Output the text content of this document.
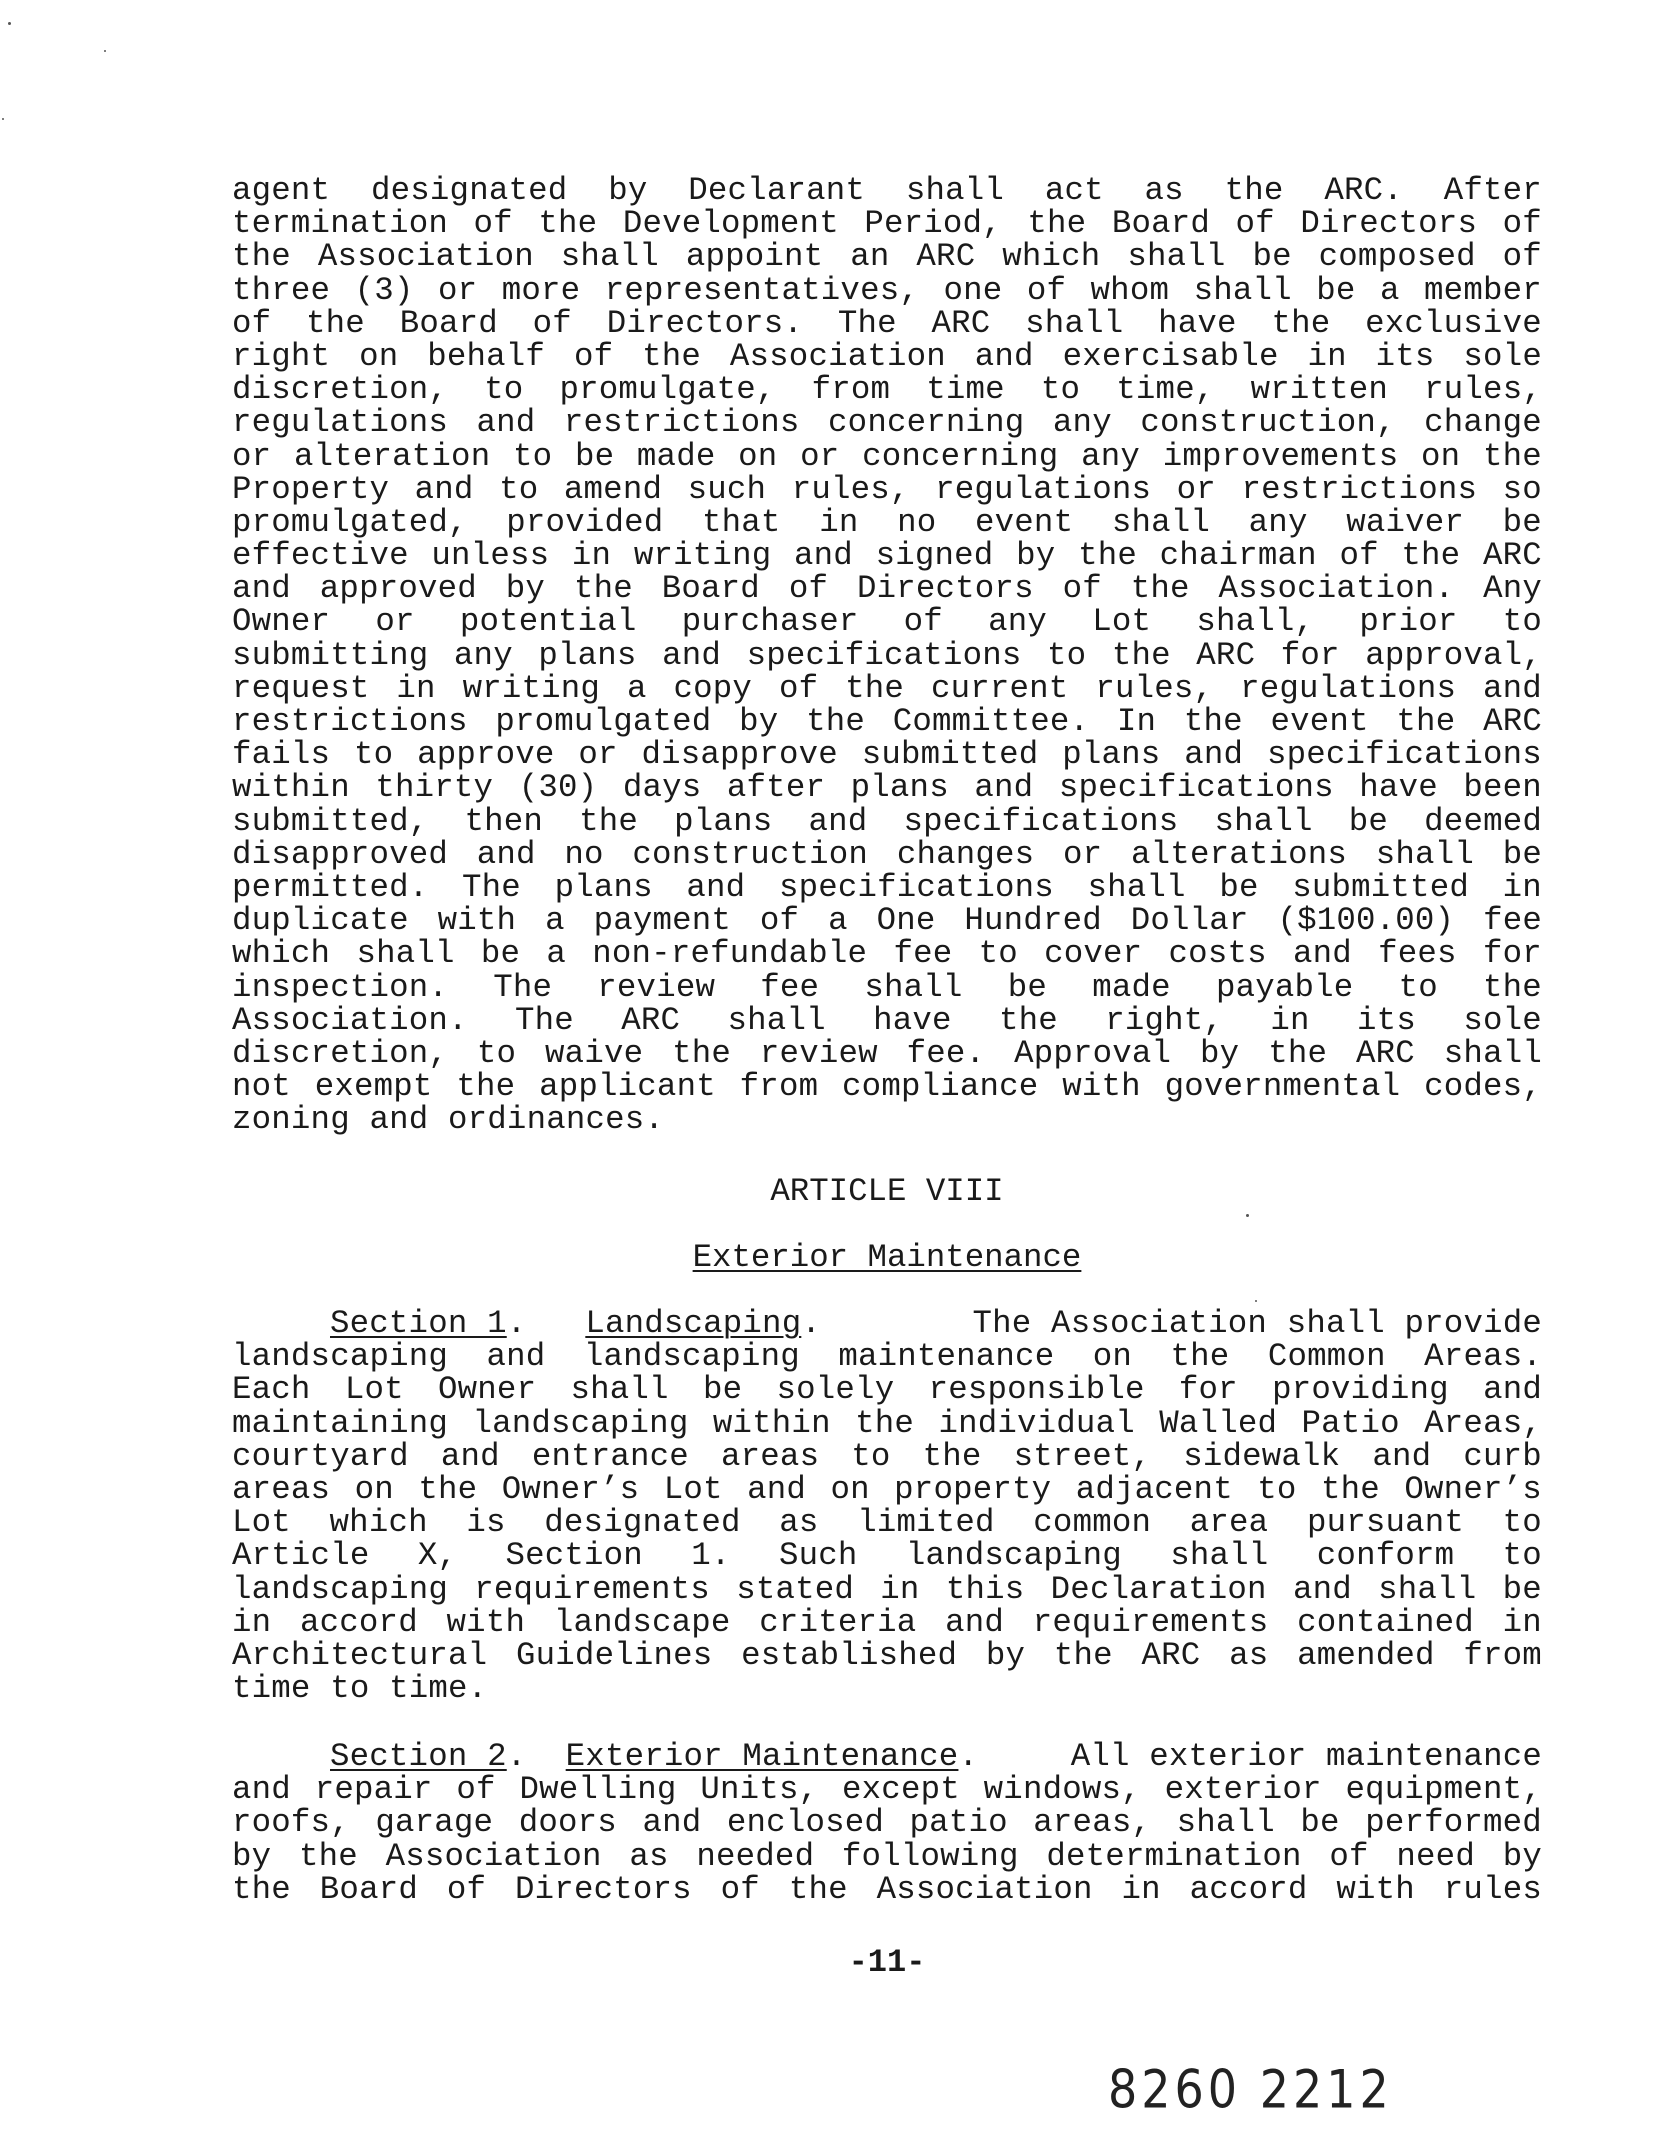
agent designated by Declarant shall act as the ARC. After
termination of the Development Period, the Board of Directors of
the Association shall appoint an ARC which shall be composed of
three (3) or more representatives, one of whom shall be a member
of the Board of Directors. The ARC shall have the exclusive
right on behalf of the Association and exercisable in its sole
discretion, to promulgate, from time to time, written rules,
regulations and restrictions concerning any construction, change
or alteration to be made on or concerning any improvements on the
Property and to amend such rules, regulations or restrictions so
promulgated, provided that in no event shall any waiver be
effective unless in writing and signed by the chairman of the ARC
and approved by the Board of Directors of the Association. Any
Owner or potential purchaser of any Lot shall, prior to
submitting any plans and specifications to the ARC for approval,
request in writing a copy of the current rules, regulations and
restrictions promulgated by the Committee. In the event the ARC
fails to approve or disapprove submitted plans and specifications
within thirty (30) days after plans and specifications have been
submitted, then the plans and specifications shall be deemed
disapproved and no construction changes or alterations shall be
permitted. The plans and specifications shall be submitted in
duplicate with a payment of a One Hundred Dollar ($100.00) fee
which shall be a non-refundable fee to cover costs and fees for
inspection. The review fee shall be made payable to the
Association. The ARC shall have the right, in its sole
discretion, to waive the review fee. Approval by the ARC shall
not exempt the applicant from compliance with governmental codes,
zoning and ordinances.
ARTICLE VIII
Exterior Maintenance
Section 1.   Landscaping.	The Association shall provide
landscaping and landscaping maintenance on the Common Areas.
Each Lot Owner shall be solely responsible for providing and
maintaining landscaping within the individual Walled Patio Areas,
courtyard and entrance areas to the street, sidewalk and curb
areas on the Owner’s Lot and on property adjacent to the Owner’s
Lot which is designated as limited common area pursuant to
Article X, Section 1. Such landscaping shall conform to
landscaping requirements stated in this Declaration and shall be
in accord with landscape criteria and requirements contained in
Architectural Guidelines established by the ARC as amended from
time to time.
Section 2.  Exterior Maintenance.	All exterior maintenance
and repair of Dwelling Units, except windows, exterior equipment,
roofs, garage doors and enclosed patio areas, shall be performed
by the Association as needed following determination of need by
the Board of Directors of the Association in accord with rules
-11-
8260 2212
